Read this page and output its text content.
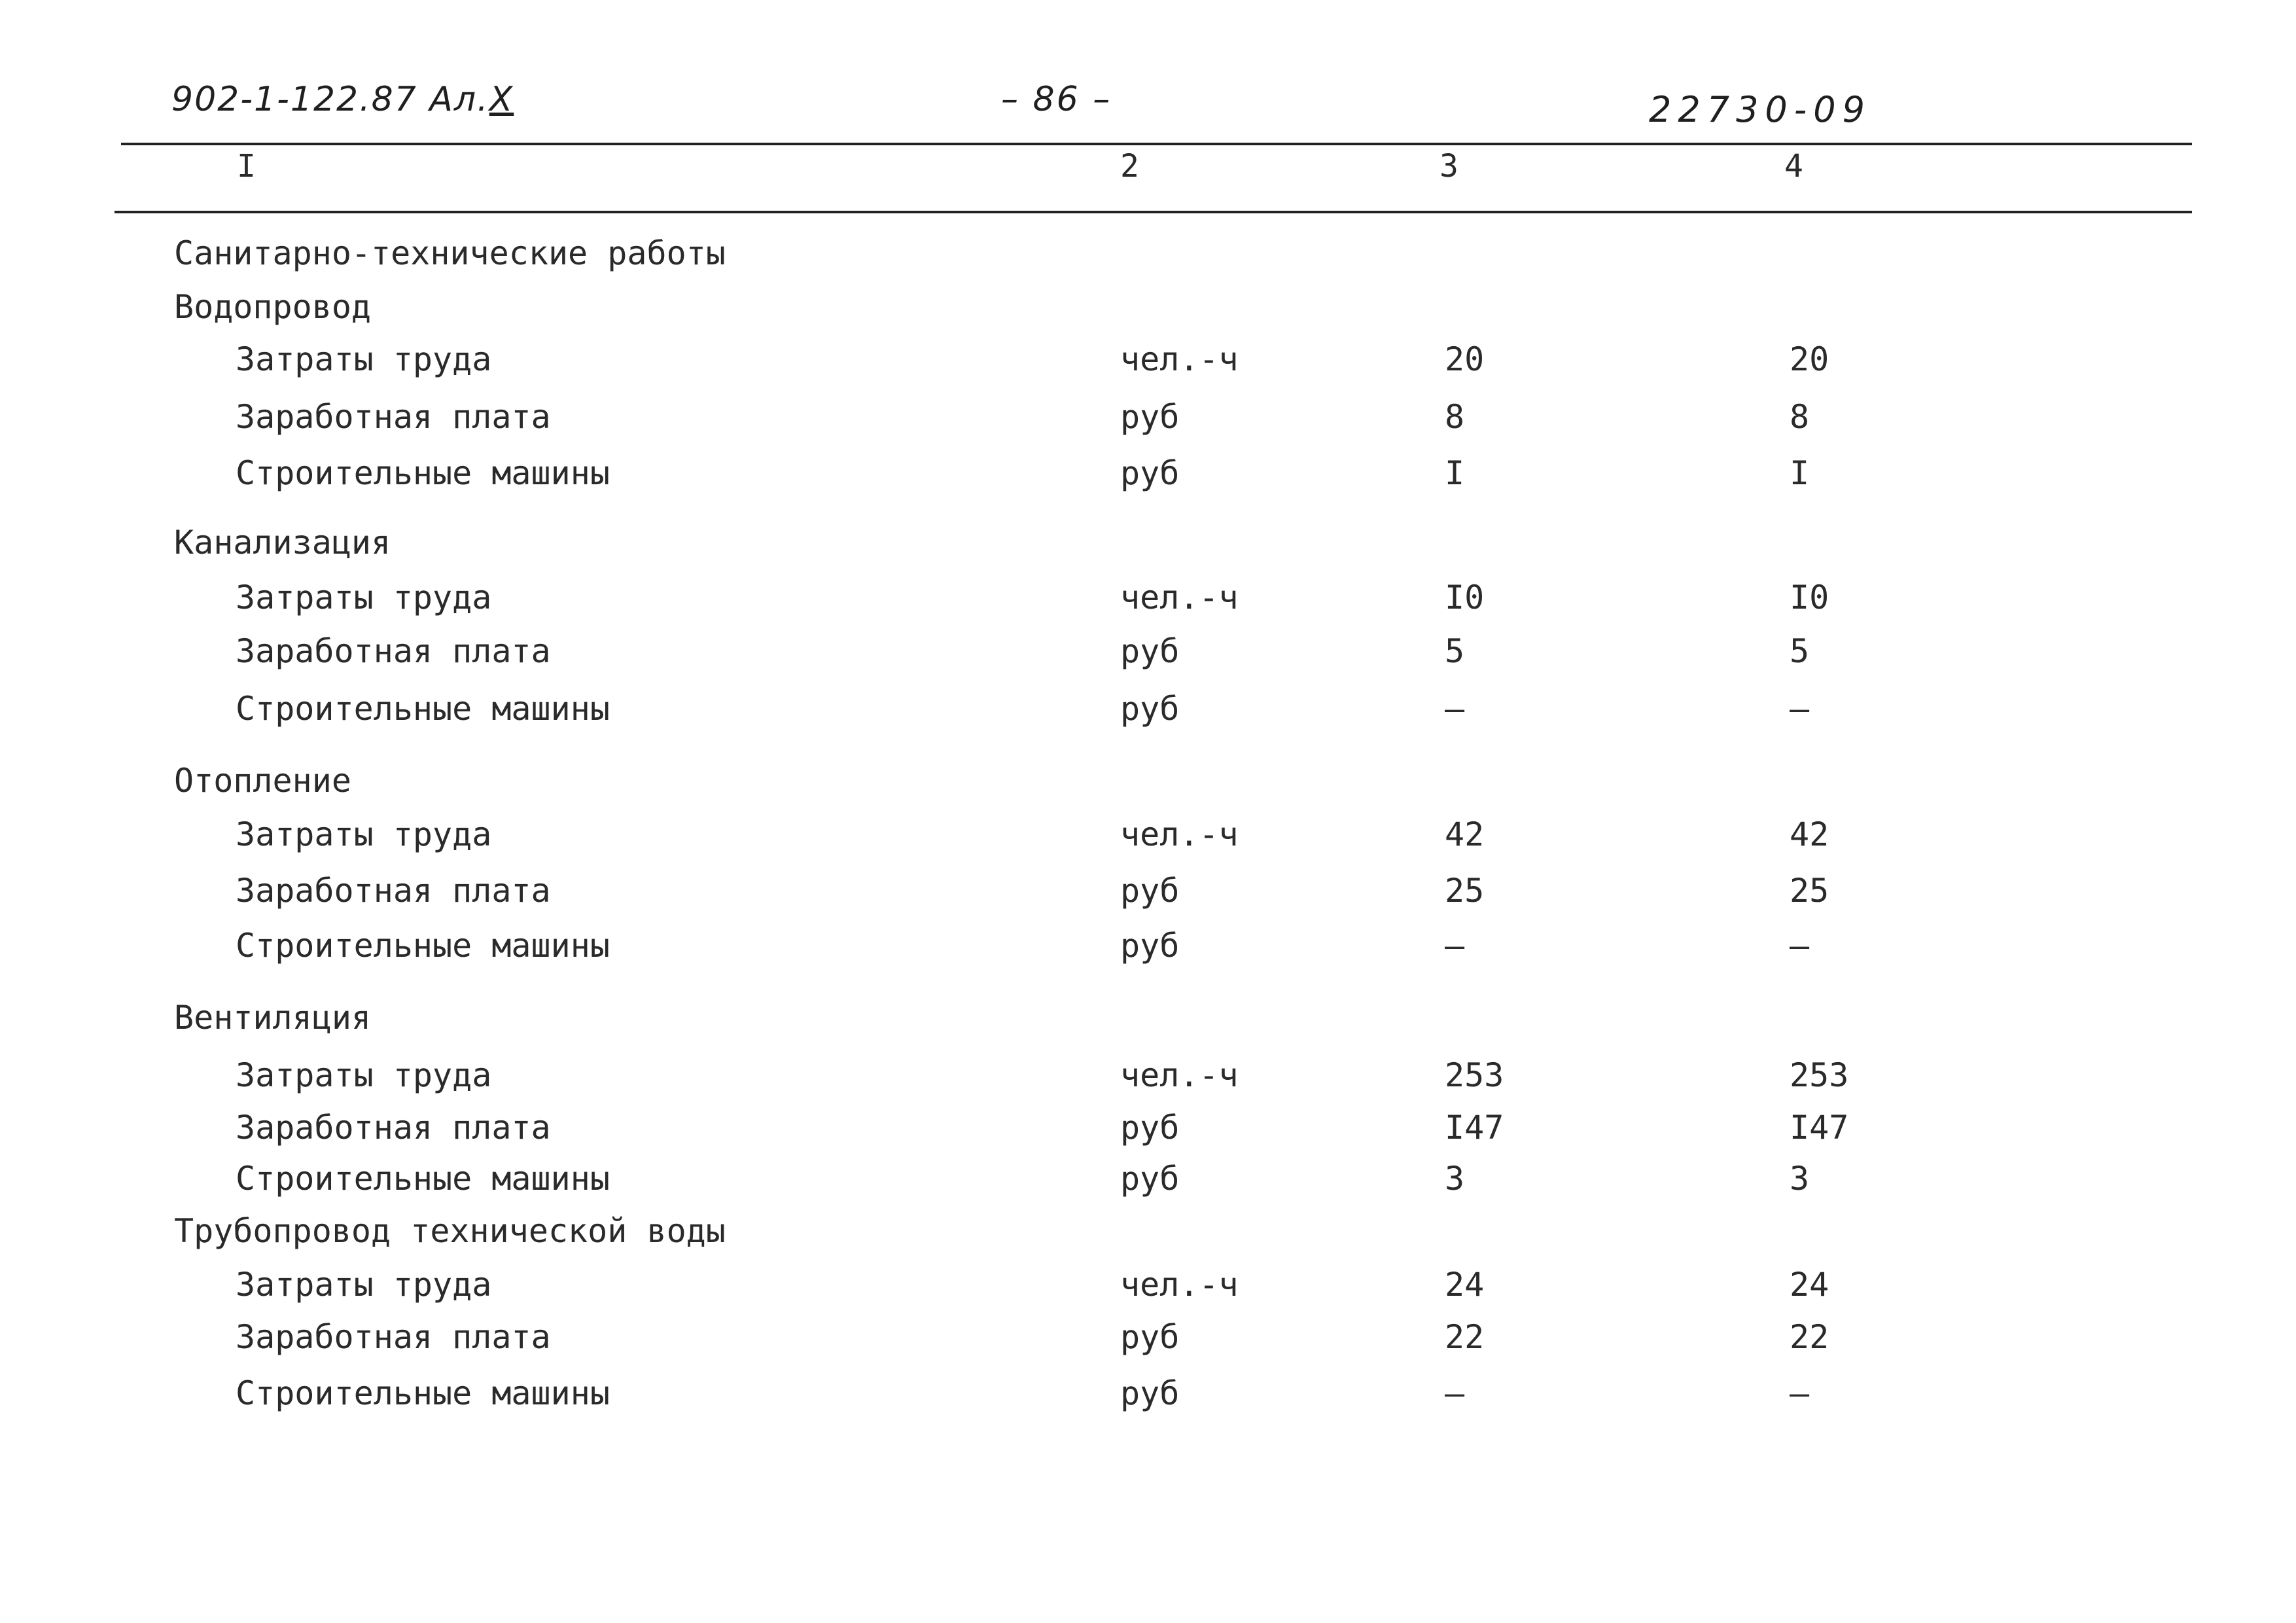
902-1-122.87 Ал.X	– 86 –	22730-09
I	2	3	4
Санитарно-технические работы
Водопровод
Затраты труда	чел.-ч	20	20
Заработная плата	руб	8	8
Строительные машины	руб	I	I
Канализация
Затраты труда	чел.-ч	I0	I0
Заработная плата	руб	5	5
Строительные машины	руб	–	–
Отопление
Затраты труда	чел.-ч	42	42
Заработная плата	руб	25	25
Строительные машины	руб	–	–
Вентиляция
Затраты труда	чел.-ч	253	253
Заработная плата	руб	I47	I47
Строительные машины	руб	3	3
Трубопровод технической воды
Затраты труда	чел.-ч	24	24
Заработная плата	руб	22	22
Строительные машины	руб	–	–
